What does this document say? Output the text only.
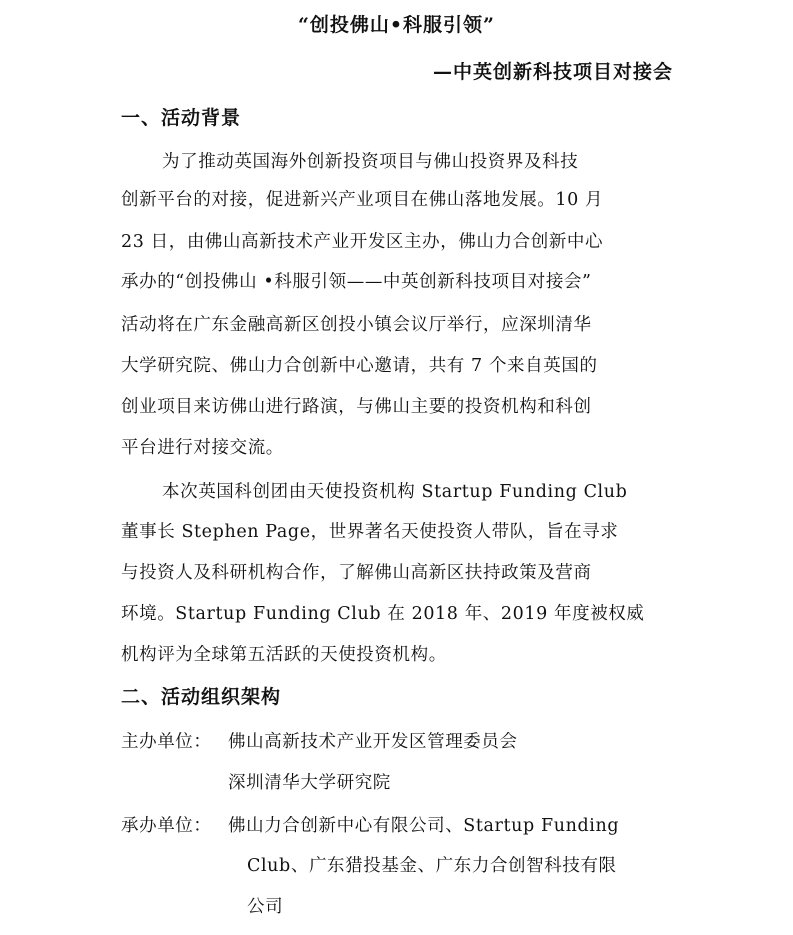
“创投佛山•科服引领”
—中英创新科技项目对接会
一、活动背景
为了推动英国海外创新投资项目与佛山投资界及科技
创新平台的对接，促进新兴产业项目在佛山落地发展。10 月
23 日，由佛山高新技术产业开发区主办，佛山力合创新中心
承办的“创投佛山 •科服引领——中英创新科技项目对接会”
活动将在广东金融高新区创投小镇会议厅举行，应深圳清华
大学研究院、佛山力合创新中心邀请，共有 7 个来自英国的
创业项目来访佛山进行路演，与佛山主要的投资机构和科创
平台进行对接交流。
本次英国科创团由天使投资机构 Startup Funding Club
董事长 Stephen Page，世界著名天使投资人带队，旨在寻求
与投资人及科研机构合作，了解佛山高新区扶持政策及营商
环境。Startup Funding Club 在 2018 年、2019 年度被权威
机构评为全球第五活跃的天使投资机构。
二、活动组织架构
主办单位： 佛山高新技术产业开发区管理委员会
深圳清华大学研究院
承办单位： 佛山力合创新中心有限公司、Startup Funding
Club、广东猎投基金、广东力合创智科技有限
公司
